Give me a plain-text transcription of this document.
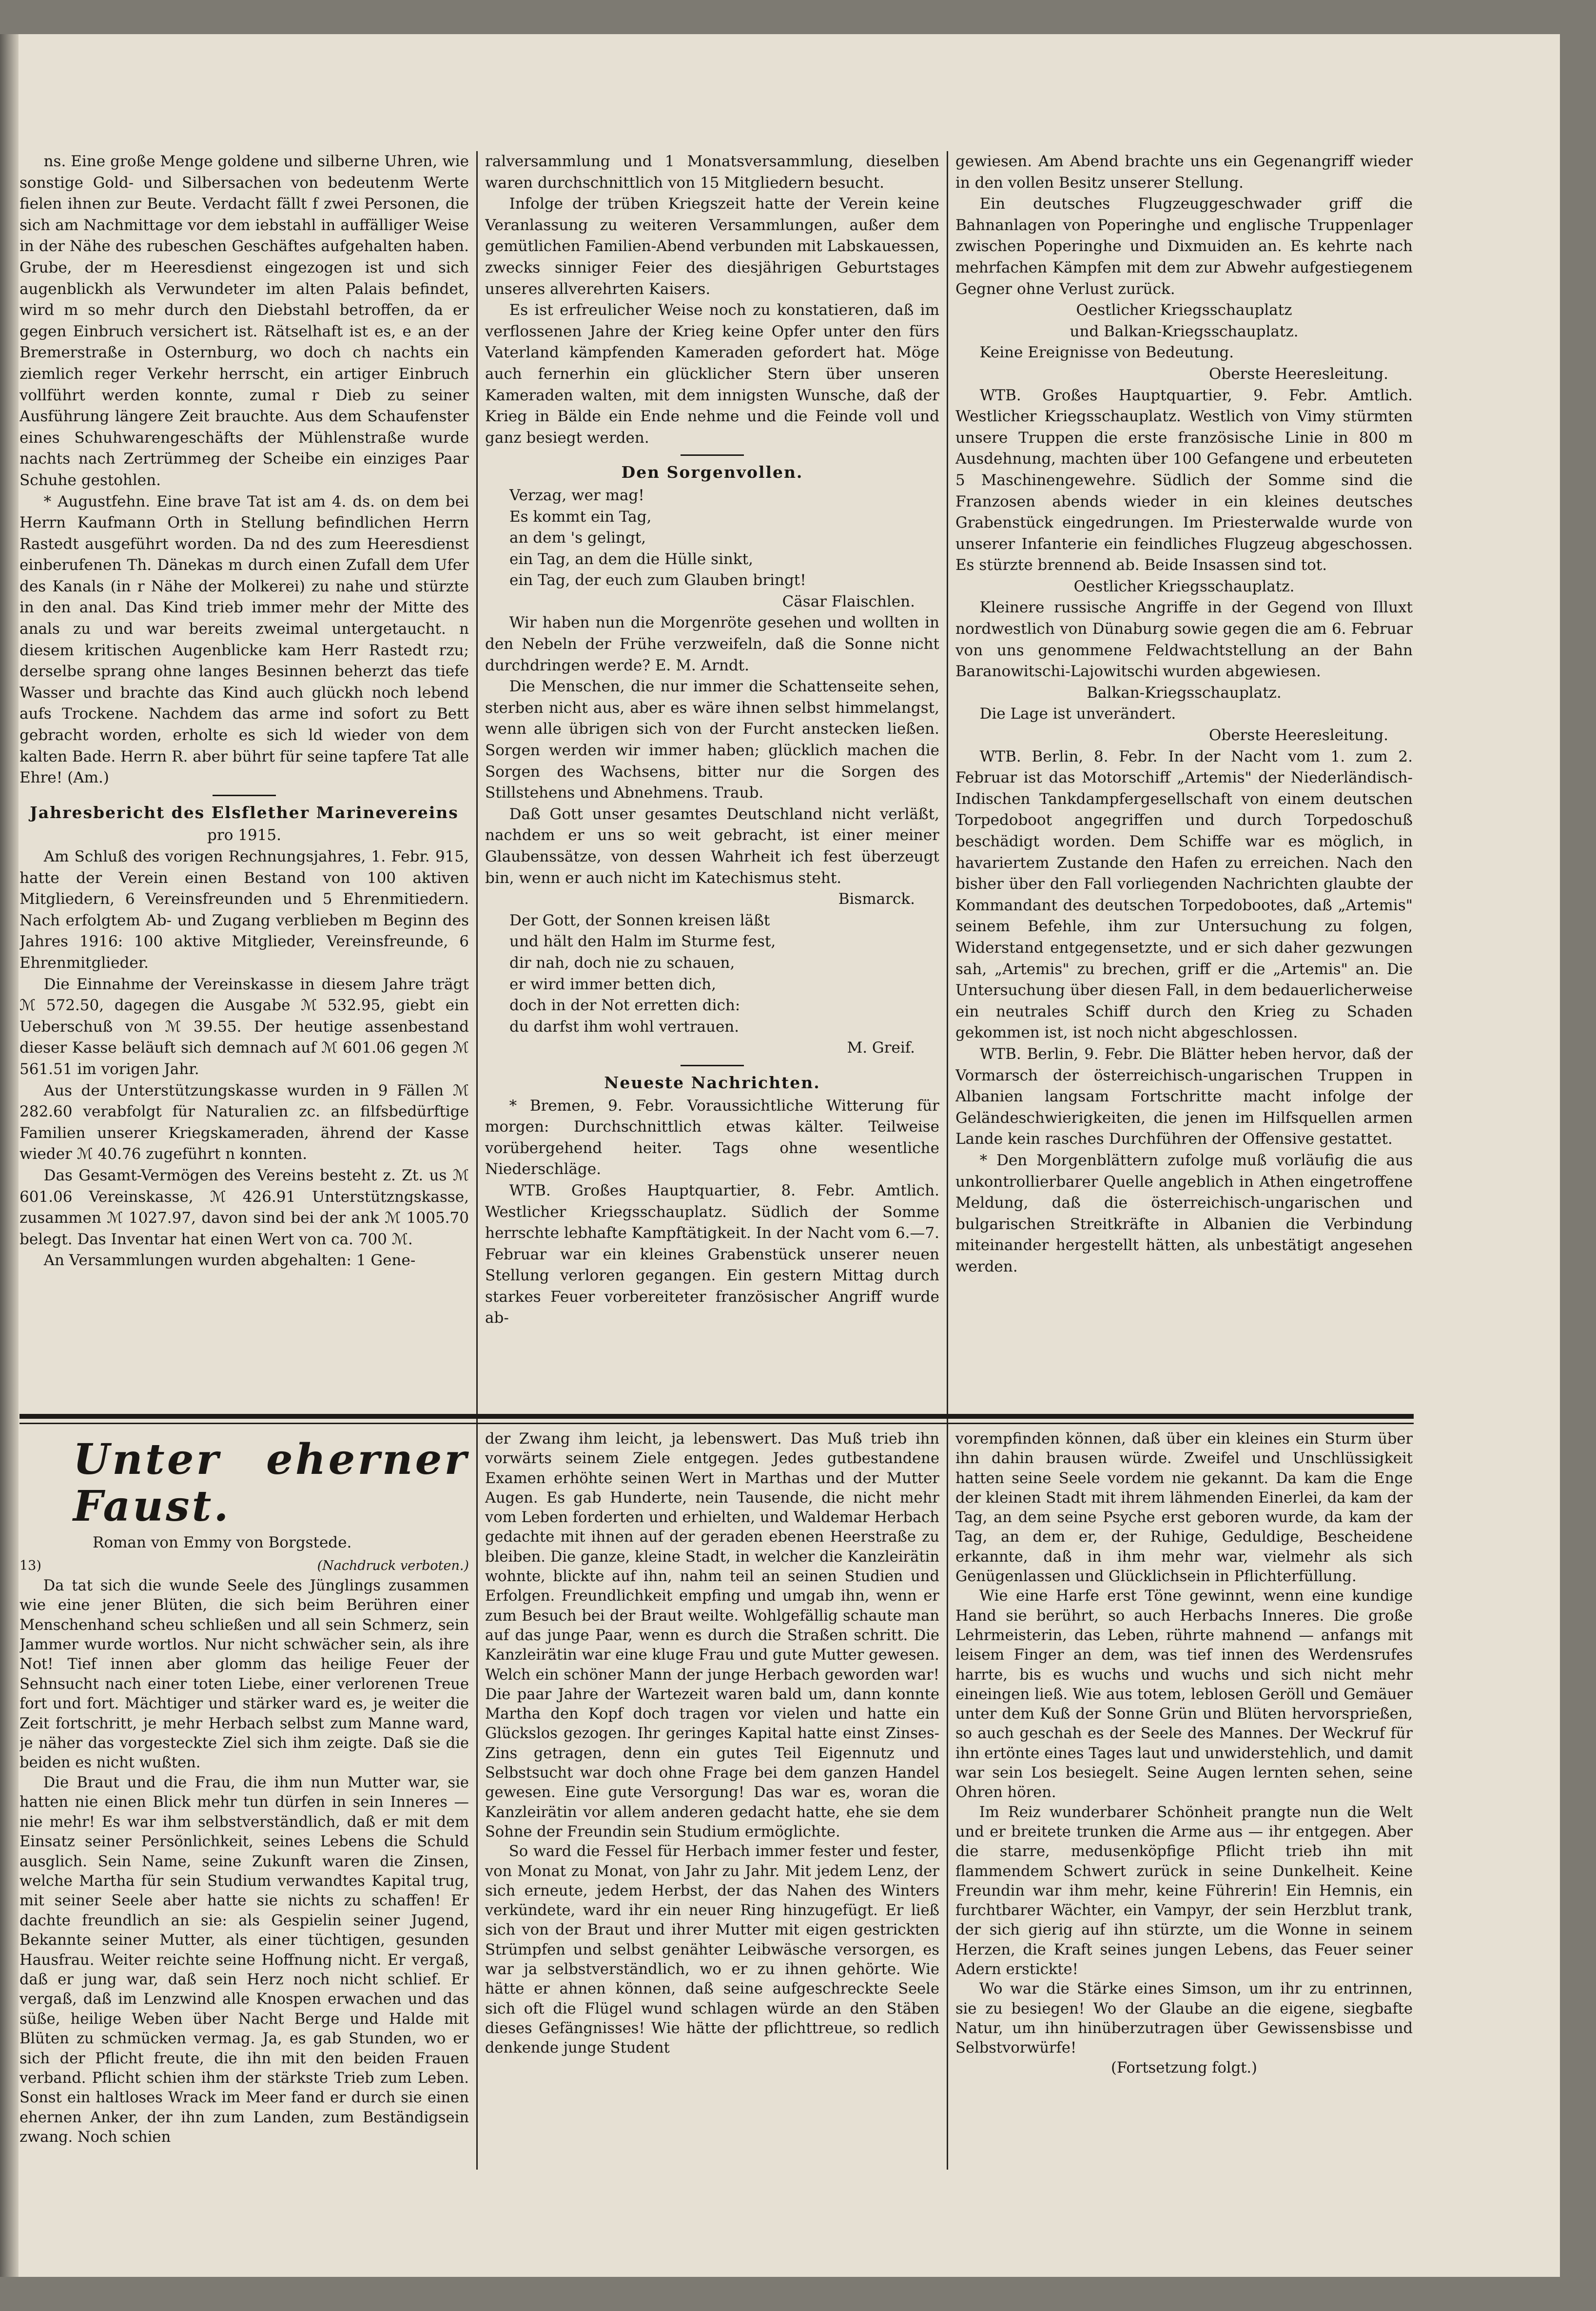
ns. Eine große Menge goldene und silberne Uhren, wie sonstige Gold- und Silbersachen von bedeutenm Werte fielen ihnen zur Beute. Verdacht fällt f zwei Personen, die sich am Nachmittage vor dem iebstahl in auffälliger Weise in der Nähe des rubeschen Geschäftes aufgehalten haben. Grube, der m Heeresdienst eingezogen ist und sich augenblickh als Verwundeter im alten Palais befindet, wird m so mehr durch den Diebstahl betroffen, da er gegen Einbruch versichert ist. Rätselhaft ist es, e an der Bremerstraße in Osternburg, wo doch ch nachts ein ziemlich reger Verkehr herrscht, ein artiger Einbruch vollführt werden konnte, zumal r Dieb zu seiner Ausführung längere Zeit brauchte. Aus dem Schaufenster eines Schuhwarengeschäfts der Mühlenstraße wurde nachts nach Zertrümmeg der Scheibe ein einziges Paar Schuhe gestohlen.

* Augustfehn. Eine brave Tat ist am 4. ds. on dem bei Herrn Kaufmann Orth in Stellung befindlichen Herrn Rastedt ausgeführt worden. Da nd des zum Heeresdienst einberufenen Th. Dänekas m durch einen Zufall dem Ufer des Kanals (in r Nähe der Molkerei) zu nahe und stürzte in den anal. Das Kind trieb immer mehr der Mitte des anals zu und war bereits zweimal untergetaucht. n diesem kritischen Augenblicke kam Herr Rastedt rzu; derselbe sprang ohne langes Besinnen beherzt das tiefe Wasser und brachte das Kind auch glückh noch lebend aufs Trockene. Nachdem das arme ind sofort zu Bett gebracht worden, erholte es sich ld wieder von dem kalten Bade. Herrn R. aber bührt für seine tapfere Tat alle Ehre! (Am.)

Jahresbericht des Elsflether Marinevereins
pro 1915.

Am Schluß des vorigen Rechnungsjahres, 1. Febr. 915, hatte der Verein einen Bestand von 100 aktiven Mitgliedern, 6 Vereinsfreunden und 5 Ehrenmitiedern. Nach erfolgtem Ab- und Zugang verblieben m Beginn des Jahres 1916: 100 aktive Mitglieder, Vereinsfreunde, 6 Ehrenmitglieder.

Die Einnahme der Vereinskasse in diesem Jahre trägt ℳ 572.50, dagegen die Ausgabe ℳ 532.95, giebt ein Ueberschuß von ℳ 39.55. Der heutige assenbestand dieser Kasse beläuft sich demnach auf ℳ 601.06 gegen ℳ 561.51 im vorigen Jahr.

Aus der Unterstützungskasse wurden in 9 Fällen ℳ 282.60 verabfolgt für Naturalien zc. an filfsbedürftige Familien unserer Kriegskameraden, ährend der Kasse wieder ℳ 40.76 zugeführt n konnten.

Das Gesamt-Vermögen des Vereins besteht z. Zt. us ℳ 601.06 Vereinskasse, ℳ 426.91 Unterstützngskasse, zusammen ℳ 1027.97, davon sind bei der ank ℳ 1005.70 belegt. Das Inventar hat einen Wert von ca. 700 ℳ.

An Versammlungen wurden abgehalten: 1 Gene-

ralversammlung und 1 Monatsversammlung, dieselben waren durchschnittlich von 15 Mitgliedern besucht.

Infolge der trüben Kriegszeit hatte der Verein keine Veranlassung zu weiteren Versammlungen, außer dem gemütlichen Familien-Abend verbunden mit Labskauessen, zwecks sinniger Feier des diesjährigen Geburtstages unseres allverehrten Kaisers.

Es ist erfreulicher Weise noch zu konstatieren, daß im verflossenen Jahre der Krieg keine Opfer unter den fürs Vaterland kämpfenden Kameraden gefordert hat. Möge auch fernerhin ein glücklicher Stern über unseren Kameraden walten, mit dem innigsten Wunsche, daß der Krieg in Bälde ein Ende nehme und die Feinde voll und ganz besiegt werden.

Den Sorgenvollen.
Verzag, wer mag!
Es kommt ein Tag,
an dem 's gelingt,
ein Tag, an dem die Hülle sinkt,
ein Tag, der euch zum Glauben bringt!
Cäsar Flaischlen.

Wir haben nun die Morgenröte gesehen und wollten in den Nebeln der Frühe verzweifeln, daß die Sonne nicht durchdringen werde? E. M. Arndt.

Die Menschen, die nur immer die Schattenseite sehen, sterben nicht aus, aber es wäre ihnen selbst himmelangst, wenn alle übrigen sich von der Furcht anstecken ließen. Sorgen werden wir immer haben; glücklich machen die Sorgen des Wachsens, bitter nur die Sorgen des Stillstehens und Abnehmens. Traub.

Daß Gott unser gesamtes Deutschland nicht verläßt, nachdem er uns so weit gebracht, ist einer meiner Glaubenssätze, von dessen Wahrheit ich fest überzeugt bin, wenn er auch nicht im Katechismus steht.

Bismarck.
Der Gott, der Sonnen kreisen läßt
und hält den Halm im Sturme fest,
dir nah, doch nie zu schauen,
er wird immer betten dich,
doch in der Not erretten dich:
du darfst ihm wohl vertrauen.
M. Greif.
Neueste Nachrichten.

* Bremen, 9. Febr. Voraussichtliche Witterung für morgen: Durchschnittlich etwas kälter. Teilweise vorübergehend heiter. Tags ohne wesentliche Niederschläge.

WTB. Großes Hauptquartier, 8. Febr. Amtlich. Westlicher Kriegsschauplatz. Südlich der Somme herrschte lebhafte Kampftätigkeit. In der Nacht vom 6.—7. Februar war ein kleines Grabenstück unserer neuen Stellung verloren gegangen. Ein gestern Mittag durch starkes Feuer vorbereiteter französischer Angriff wurde ab-

gewiesen. Am Abend brachte uns ein Gegenangriff wieder in den vollen Besitz unserer Stellung.

Ein deutsches Flugzeuggeschwader griff die Bahnanlagen von Poperinghe und englische Truppenlager zwischen Poperinghe und Dixmuiden an. Es kehrte nach mehrfachen Kämpfen mit dem zur Abwehr aufgestiegenem Gegner ohne Verlust zurück.

Oestlicher Kriegsschauplatz
und Balkan-Kriegsschauplatz.

Keine Ereignisse von Bedeutung.

Oberste Heeresleitung.

WTB. Großes Hauptquartier, 9. Febr. Amtlich. Westlicher Kriegsschauplatz. Westlich von Vimy stürmten unsere Truppen die erste französische Linie in 800 m Ausdehnung, machten über 100 Gefangene und erbeuteten 5 Maschinengewehre. Südlich der Somme sind die Franzosen abends wieder in ein kleines deutsches Grabenstück eingedrungen. Im Priesterwalde wurde von unserer Infanterie ein feindliches Flugzeug abgeschossen. Es stürzte brennend ab. Beide Insassen sind tot.

Oestlicher Kriegsschauplatz.

Kleinere russische Angriffe in der Gegend von Illuxt nordwestlich von Dünaburg sowie gegen die am 6. Februar von uns genommene Feldwachtstellung an der Bahn Baranowitschi-Lajowitschi wurden abgewiesen.

Balkan-Kriegsschauplatz.

Die Lage ist unverändert.

Oberste Heeresleitung.

WTB. Berlin, 8. Febr. In der Nacht vom 1. zum 2. Februar ist das Motorschiff „Artemis" der Niederländisch-Indischen Tankdampfergesellschaft von einem deutschen Torpedoboot angegriffen und durch Torpedoschuß beschädigt worden. Dem Schiffe war es möglich, in havariertem Zustande den Hafen zu erreichen. Nach den bisher über den Fall vorliegenden Nachrichten glaubte der Kommandant des deutschen Torpedobootes, daß „Artemis" seinem Befehle, ihm zur Untersuchung zu folgen, Widerstand entgegensetzte, und er sich daher gezwungen sah, „Artemis" zu brechen, griff er die „Artemis" an. Die Untersuchung über diesen Fall, in dem bedauerlicherweise ein neutrales Schiff durch den Krieg zu Schaden gekommen ist, ist noch nicht abgeschlossen.

WTB. Berlin, 9. Febr. Die Blätter heben hervor, daß der Vormarsch der österreichisch-ungarischen Truppen in Albanien langsam Fortschritte macht infolge der Geländeschwierigkeiten, die jenen im Hilfsquellen armen Lande kein rasches Durchführen der Offensive gestattet.

* Den Morgenblättern zufolge muß vorläufig die aus unkontrollierbarer Quelle angeblich in Athen eingetroffene Meldung, daß die österreichisch-ungarischen und bulgarischen Streitkräfte in Albanien die Verbindung miteinander hergestellt hätten, als unbestätigt angesehen werden.

Unter eherner Faust.
Roman von Emmy von Borgstede.
13)	(Nachdruck verboten.)

Da tat sich die wunde Seele des Jünglings zusammen wie eine jener Blüten, die sich beim Berühren einer Menschenhand scheu schließen und all sein Schmerz, sein Jammer wurde wortlos. Nur nicht schwächer sein, als ihre Not! Tief innen aber glomm das heilige Feuer der Sehnsucht nach einer toten Liebe, einer verlorenen Treue fort und fort. Mächtiger und stärker ward es, je weiter die Zeit fortschritt, je mehr Herbach selbst zum Manne ward, je näher das vorgesteckte Ziel sich ihm zeigte. Daß sie die beiden es nicht wußten.

Die Braut und die Frau, die ihm nun Mutter war, sie hatten nie einen Blick mehr tun dürfen in sein Inneres — nie mehr! Es war ihm selbstverständlich, daß er mit dem Einsatz seiner Persönlichkeit, seines Lebens die Schuld ausglich. Sein Name, seine Zukunft waren die Zinsen, welche Martha für sein Studium verwandtes Kapital trug, mit seiner Seele aber hatte sie nichts zu schaffen! Er dachte freundlich an sie: als Gespielin seiner Jugend, Bekannte seiner Mutter, als einer tüchtigen, gesunden Hausfrau. Weiter reichte seine Hoffnung nicht. Er vergaß, daß er jung war, daß sein Herz noch nicht schlief. Er vergaß, daß im Lenzwind alle Knospen erwachen und das süße, heilige Weben über Nacht Berge und Halde mit Blüten zu schmücken vermag. Ja, es gab Stunden, wo er sich der Pflicht freute, die ihn mit den beiden Frauen verband. Pflicht schien ihm der stärkste Trieb zum Leben. Sonst ein haltloses Wrack im Meer fand er durch sie einen ehernen Anker, der ihn zum Landen, zum Beständigsein zwang. Noch schien

der Zwang ihm leicht, ja lebenswert. Das Muß trieb ihn vorwärts seinem Ziele entgegen. Jedes gutbestandene Examen erhöhte seinen Wert in Marthas und der Mutter Augen. Es gab Hunderte, nein Tausende, die nicht mehr vom Leben forderten und erhielten, und Waldemar Herbach gedachte mit ihnen auf der geraden ebenen Heerstraße zu bleiben. Die ganze, kleine Stadt, in welcher die Kanzleirätin wohnte, blickte auf ihn, nahm teil an seinen Studien und Erfolgen. Freundlichkeit empfing und umgab ihn, wenn er zum Besuch bei der Braut weilte. Wohlgefällig schaute man auf das junge Paar, wenn es durch die Straßen schritt. Die Kanzleirätin war eine kluge Frau und gute Mutter gewesen. Welch ein schöner Mann der junge Herbach geworden war! Die paar Jahre der Wartezeit waren bald um, dann konnte Martha den Kopf doch tragen vor vielen und hatte ein Glückslos gezogen. Ihr geringes Kapital hatte einst Zinses-Zins getragen, denn ein gutes Teil Eigennutz und Selbstsucht war doch ohne Frage bei dem ganzen Handel gewesen. Eine gute Versorgung! Das war es, woran die Kanzleirätin vor allem anderen gedacht hatte, ehe sie dem Sohne der Freundin sein Studium ermöglichte.

So ward die Fessel für Herbach immer fester und fester, von Monat zu Monat, von Jahr zu Jahr. Mit jedem Lenz, der sich erneute, jedem Herbst, der das Nahen des Winters verkündete, ward ihr ein neuer Ring hinzugefügt. Er ließ sich von der Braut und ihrer Mutter mit eigen gestrickten Strümpfen und selbst genähter Leibwäsche versorgen, es war ja selbstverständlich, wo er zu ihnen gehörte. Wie hätte er ahnen können, daß seine aufgeschreckte Seele sich oft die Flügel wund schlagen würde an den Stäben dieses Gefängnisses! Wie hätte der pflichttreue, so redlich denkende junge Student

vorempfinden können, daß über ein kleines ein Sturm über ihn dahin brausen würde. Zweifel und Unschlüssigkeit hatten seine Seele vordem nie gekannt. Da kam die Enge der kleinen Stadt mit ihrem lähmenden Einerlei, da kam der Tag, an dem seine Psyche erst geboren wurde, da kam der Tag, an dem er, der Ruhige, Geduldige, Bescheidene erkannte, daß in ihm mehr war, vielmehr als sich Genügenlassen und Glücklichsein in Pflichterfüllung.

Wie eine Harfe erst Töne gewinnt, wenn eine kundige Hand sie berührt, so auch Herbachs Inneres. Die große Lehrmeisterin, das Leben, rührte mahnend — anfangs mit leisem Finger an dem, was tief innen des Werdensrufes harrte, bis es wuchs und wuchs und sich nicht mehr eineingen ließ. Wie aus totem, leblosen Geröll und Gemäuer unter dem Kuß der Sonne Grün und Blüten hervorsprießen, so auch geschah es der Seele des Mannes. Der Weckruf für ihn ertönte eines Tages laut und unwiderstehlich, und damit war sein Los besiegelt. Seine Augen lernten sehen, seine Ohren hören.

Im Reiz wunderbarer Schönheit prangte nun die Welt und er breitete trunken die Arme aus — ihr entgegen. Aber die starre, medusenköpfige Pflicht trieb ihn mit flammendem Schwert zurück in seine Dunkelheit. Keine Freundin war ihm mehr, keine Führerin! Ein Hemnis, ein furchtbarer Wächter, ein Vampyr, der sein Herzblut trank, der sich gierig auf ihn stürzte, um die Wonne in seinem Herzen, die Kraft seines jungen Lebens, das Feuer seiner Adern erstickte!

Wo war die Stärke eines Simson, um ihr zu entrinnen, sie zu besiegen! Wo der Glaube an die eigene, siegbafte Natur, um ihn hinüberzutragen über Gewissensbisse und Selbstvorwürfe!

(Fortsetzung folgt.)
